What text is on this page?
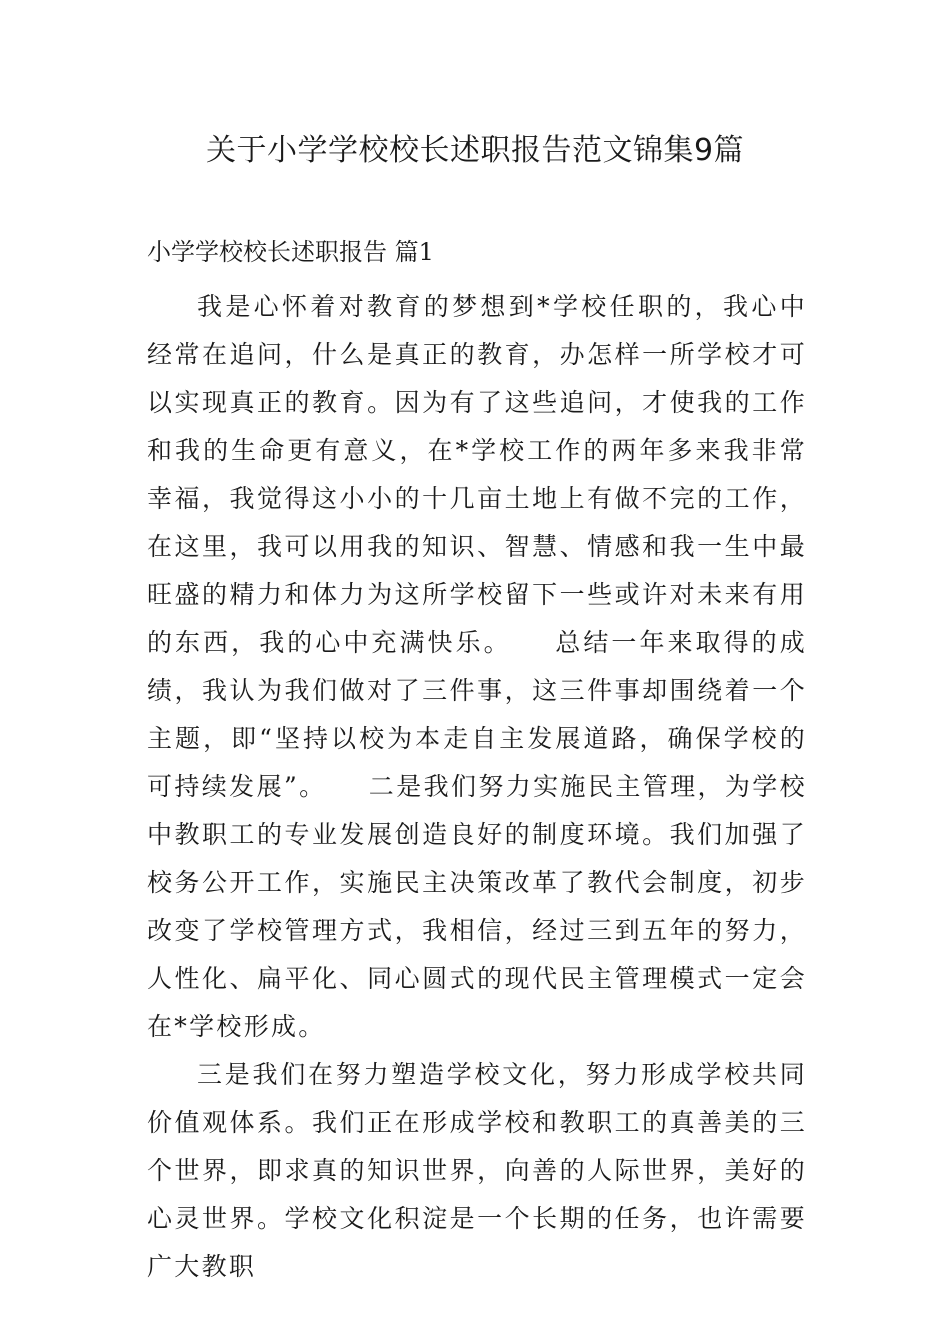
关于小学学校校长述职报告范文锦集9篇
小学学校校长述职报告 篇1

我是心怀着对教育的梦想到*学校任职的，我心中经常在追问，什么是真正的教育，办怎样一所学校才可以实现真正的教育。因为有了这些追问，才使我的工作和我的生命更有意义，在*学校工作的两年多来我非常幸福，我觉得这小小的十几亩土地上有做不完的工作，在这里，我可以用我的知识、智慧、情感和我一生中最旺盛的精力和体力为这所学校留下一些或许对未来有用的东西，我的心中充满快乐。　　总结一年来取得的成绩，我认为我们做对了三件事，这三件事却围绕着一个主题，即“坚持以校为本走自主发展道路，确保学校的可持续发展”。　　二是我们努力实施民主管理，为学校中教职工的专业发展创造良好的制度环境。我们加强了校务公开工作，实施民主决策改革了教代会制度，初步改变了学校管理方式，我相信，经过三到五年的努力，人性化、扁平化、同心圆式的现代民主管理模式一定会在*学校形成。

三是我们在努力塑造学校文化，努力形成学校共同价值观体系。我们正在形成学校和教职工的真善美的三个世界，即求真的知识世界，向善的人际世界，美好的心灵世界。学校文化积淀是一个长期的任务，也许需要广大教职
